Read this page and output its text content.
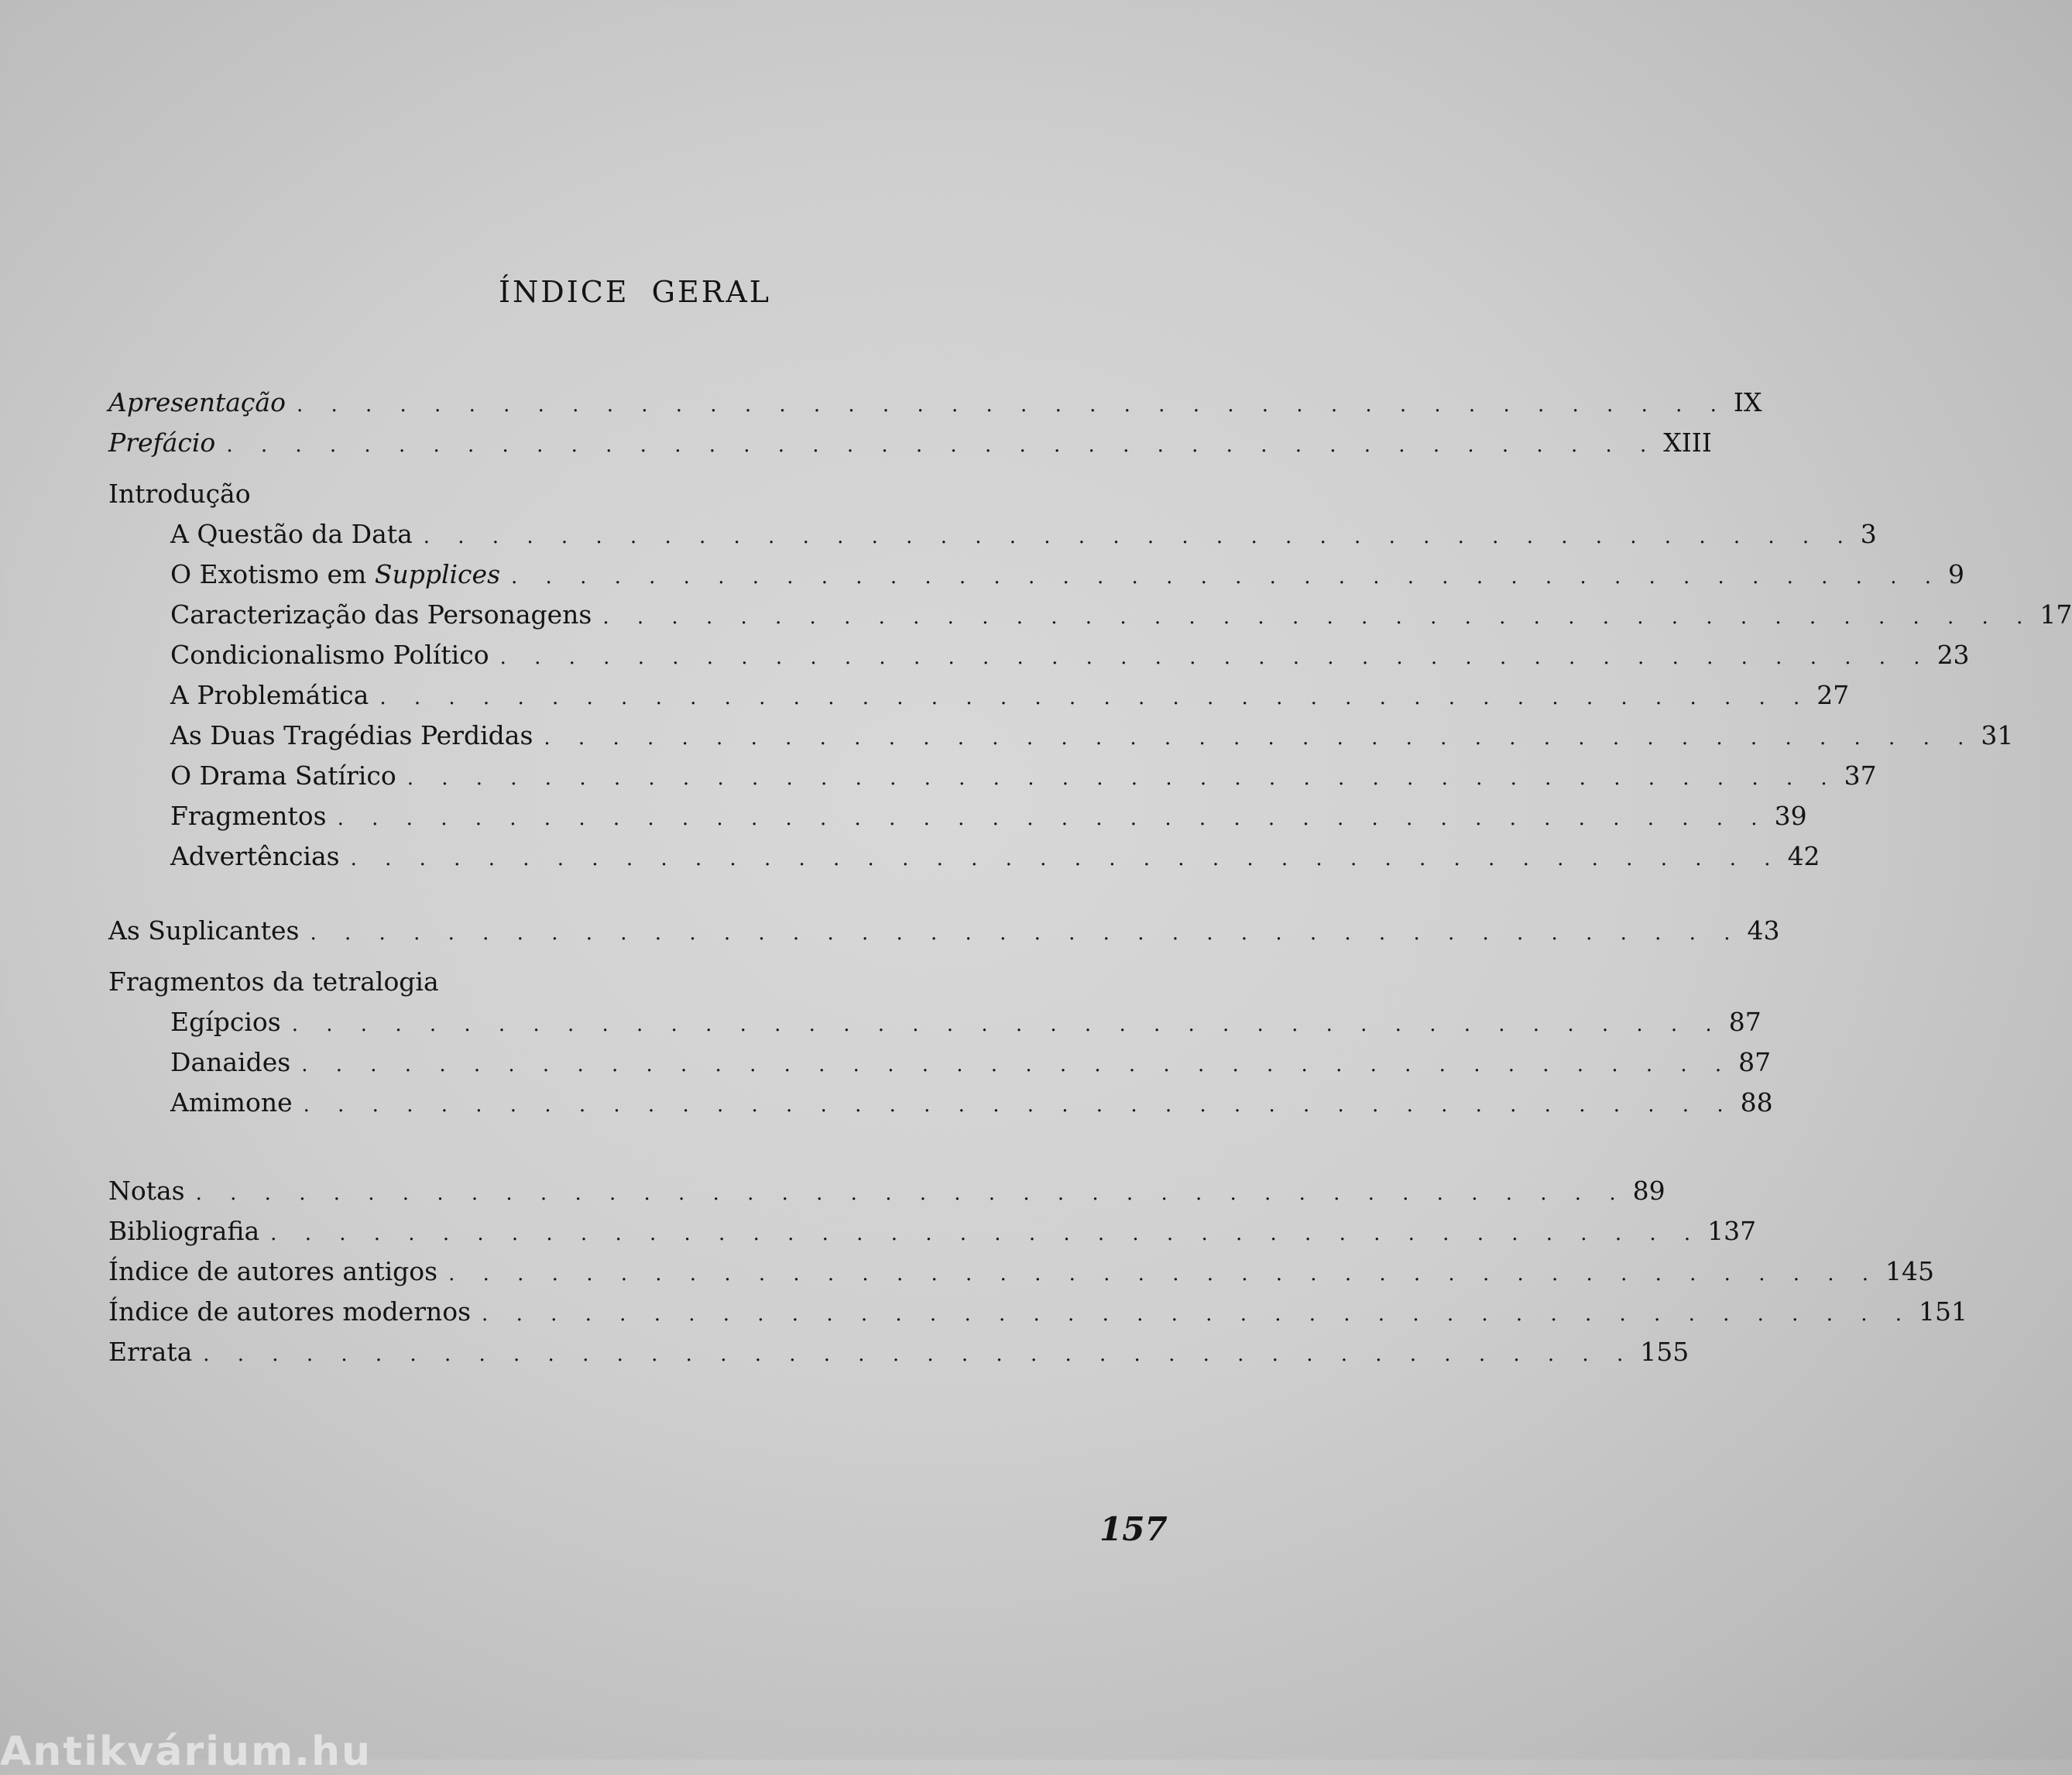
ÍNDICE GERAL
Apresentação . . . . . . . . . . . . . . . . . . . . . . . . . . . . . . . . . . . . . . . . . . IX
Prefácio . . . . . . . . . . . . . . . . . . . . . . . . . . . . . . . . . . . . . . . . . . XIII
Introdução
A Questão da Data . . . . . . . . . . . . . . . . . . . . . . . . . . . . . . . . . . . . . . . . . . 3
O Exotismo em Supplices . . . . . . . . . . . . . . . . . . . . . . . . . . . . . . . . . . . . . . . . . . 9
Caracterização das Personagens . . . . . . . . . . . . . . . . . . . . . . . . . . . . . . . . . . . . . . . . . . 17
Condicionalismo Político . . . . . . . . . . . . . . . . . . . . . . . . . . . . . . . . . . . . . . . . . . 23
A Problemática . . . . . . . . . . . . . . . . . . . . . . . . . . . . . . . . . . . . . . . . . . 27
As Duas Tragédias Perdidas . . . . . . . . . . . . . . . . . . . . . . . . . . . . . . . . . . . . . . . . . . 31
O Drama Satírico . . . . . . . . . . . . . . . . . . . . . . . . . . . . . . . . . . . . . . . . . . 37
Fragmentos . . . . . . . . . . . . . . . . . . . . . . . . . . . . . . . . . . . . . . . . . . 39
Advertências . . . . . . . . . . . . . . . . . . . . . . . . . . . . . . . . . . . . . . . . . . 42
As Suplicantes . . . . . . . . . . . . . . . . . . . . . . . . . . . . . . . . . . . . . . . . . . 43
Fragmentos da tetralogia
Egípcios . . . . . . . . . . . . . . . . . . . . . . . . . . . . . . . . . . . . . . . . . . 87
Danaides . . . . . . . . . . . . . . . . . . . . . . . . . . . . . . . . . . . . . . . . . . 87
Amimone . . . . . . . . . . . . . . . . . . . . . . . . . . . . . . . . . . . . . . . . . . 88
Notas . . . . . . . . . . . . . . . . . . . . . . . . . . . . . . . . . . . . . . . . . . 89
Bibliografia . . . . . . . . . . . . . . . . . . . . . . . . . . . . . . . . . . . . . . . . . . 137
Índice de autores antigos . . . . . . . . . . . . . . . . . . . . . . . . . . . . . . . . . . . . . . . . . . 145
Índice de autores modernos . . . . . . . . . . . . . . . . . . . . . . . . . . . . . . . . . . . . . . . . . . 151
Errata . . . . . . . . . . . . . . . . . . . . . . . . . . . . . . . . . . . . . . . . . . 155
157
Antikvárium.hu
